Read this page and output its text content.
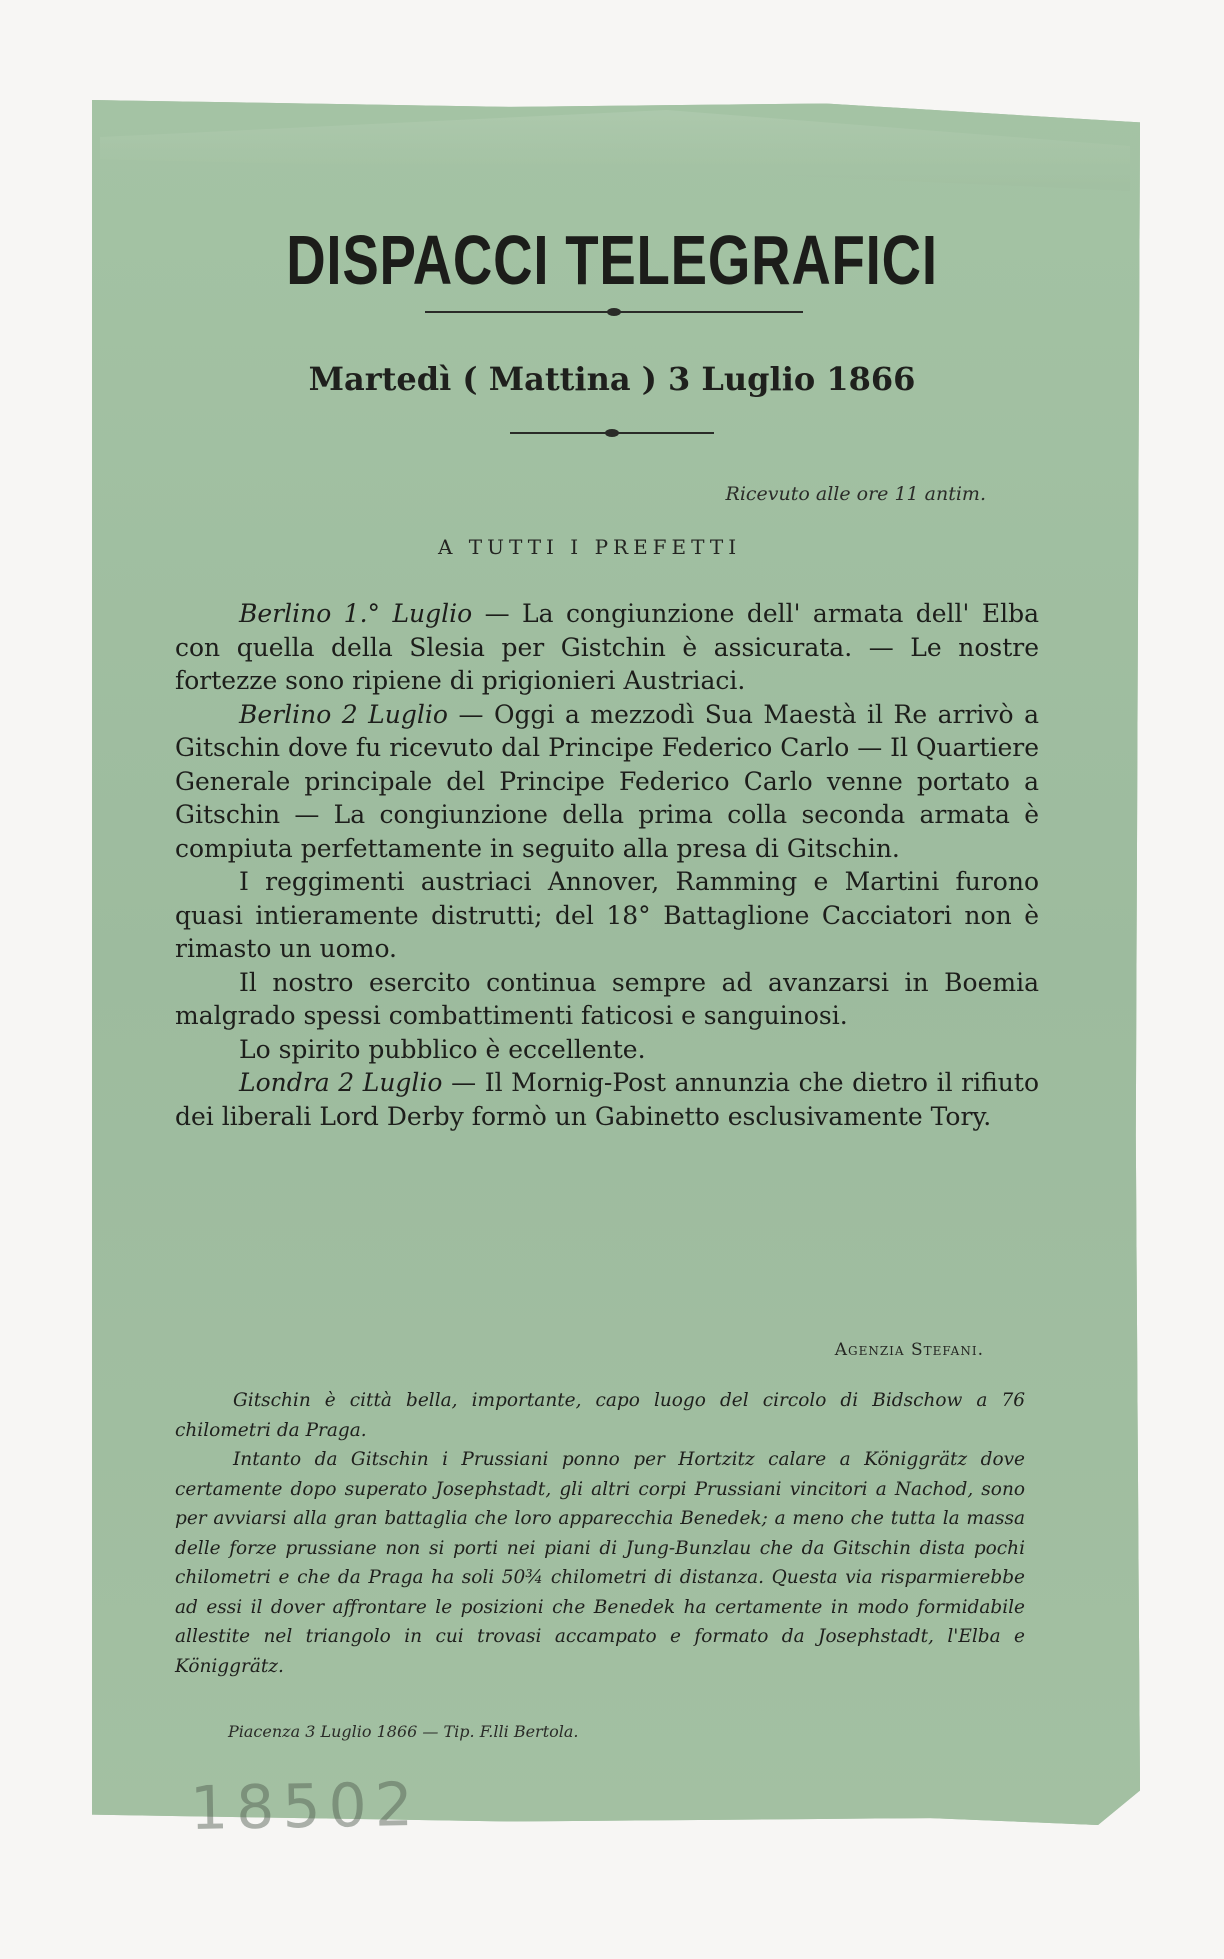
DISPACCI TELEGRAFICI
Martedì ( Mattina ) 3 Luglio 1866
Ricevuto alle ore 11 antim.
A TUTTI I PREFETTI

Berlino 1.° Luglio — La congiunzione dell' armata dell' Elba con quella della Slesia per Gistchin è assicurata. — Le nostre fortezze sono ripiene di prigionieri Austriaci.

Berlino 2 Luglio — Oggi a mezzodì Sua Maestà il Re arrivò a Gitschin dove fu ricevuto dal Principe Federico Carlo — Il Quartiere Generale principale del Principe Federico Carlo venne portato a Gitschin — La congiunzione della prima colla seconda armata è compiuta perfettamente in seguito alla presa di Gitschin.

I reggimenti austriaci Annover, Ramming e Martini furono quasi intieramente distrutti; del 18° Battaglione Cacciatori non è rimasto un uomo.

Il nostro esercito continua sempre ad avanzarsi in Boemia malgrado spessi combattimenti faticosi e sanguinosi.

Lo spirito pubblico è eccellente.

Londra 2 Luglio — Il Mornig-Post annunzia che dietro il rifiuto dei liberali Lord Derby formò un Gabinetto esclusivamente Tory.

Agenzia Stefani.

Gitschin è città bella, importante, capo luogo del circolo di Bidschow a 76 chilometri da Praga.

Intanto da Gitschin i Prussiani ponno per Hortzitz calare a Königgrätz dove certamente dopo superato Josephstadt, gli altri corpi Prussiani vincitori a Nachod, sono per avviarsi alla gran battaglia che loro apparecchia Benedek; a meno che tutta la massa delle forze prussiane non si porti nei piani di Jung-Bunzlau che da Gitschin dista pochi chilometri e che da Praga ha soli 50¾ chilometri di distanza. Questa via risparmierebbe ad essi il dover affrontare le posizioni che Benedek ha certamente in modo formidabile allestite nel triangolo in cui trovasi accampato e formato da Josephstadt, l'Elba e Königgrätz.

Piacenza 3 Luglio 1866 — Tip. F.lli Bertola.
18502
